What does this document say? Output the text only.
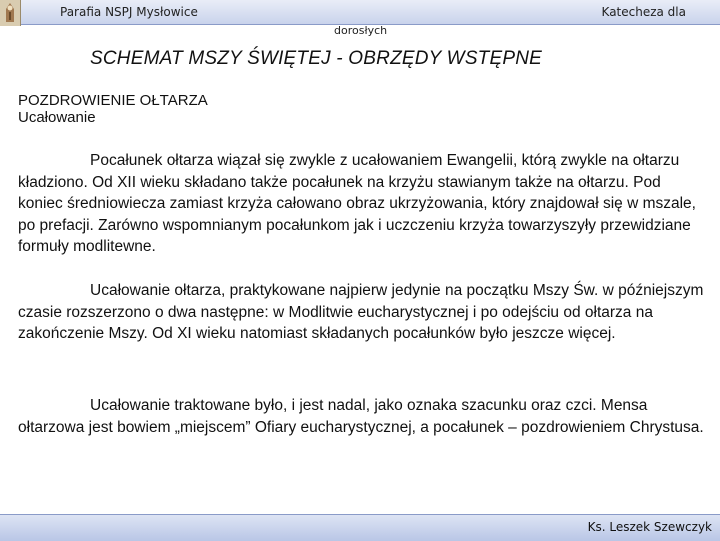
Parafia NSPJ Mysłowice	Katecheza dla
dorosłych
SCHEMAT MSZY ŚWIĘTEJ - OBRZĘDY WSTĘPNE
POZDROWIENIE OŁTARZA
Ucałowanie

Pocałunek ołtarza wiązał się zwykle z ucałowaniem Ewangelii, którą zwykle na ołtarzu kładziono. Od XII wieku składano także pocałunek na krzyżu stawianym także na ołtarzu. Pod koniec średniowiecza zamiast krzyża całowano obraz ukrzyżowania, który znajdował się w mszale, po prefacji. Zarówno wspomnianym pocałunkom jak i uczczeniu krzyża towarzyszyły przewidziane formuły modlitewne.

Ucałowanie ołtarza, praktykowane najpierw jedynie na początku Mszy Św. w późniejszym czasie rozszerzono o dwa następne: w Modlitwie eucharystycznej i po odejściu od ołtarza na zakończenie Mszy. Od XI wieku natomiast składanych pocałunków było jeszcze więcej.

Ucałowanie traktowane było, i jest nadal, jako oznaka szacunku oraz czci. Mensa ołtarzowa jest bowiem „miejscem” Ofiary eucharystycznej, a pocałunek – pozdrowieniem Chrystusa.

Ks. Leszek Szewczyk
